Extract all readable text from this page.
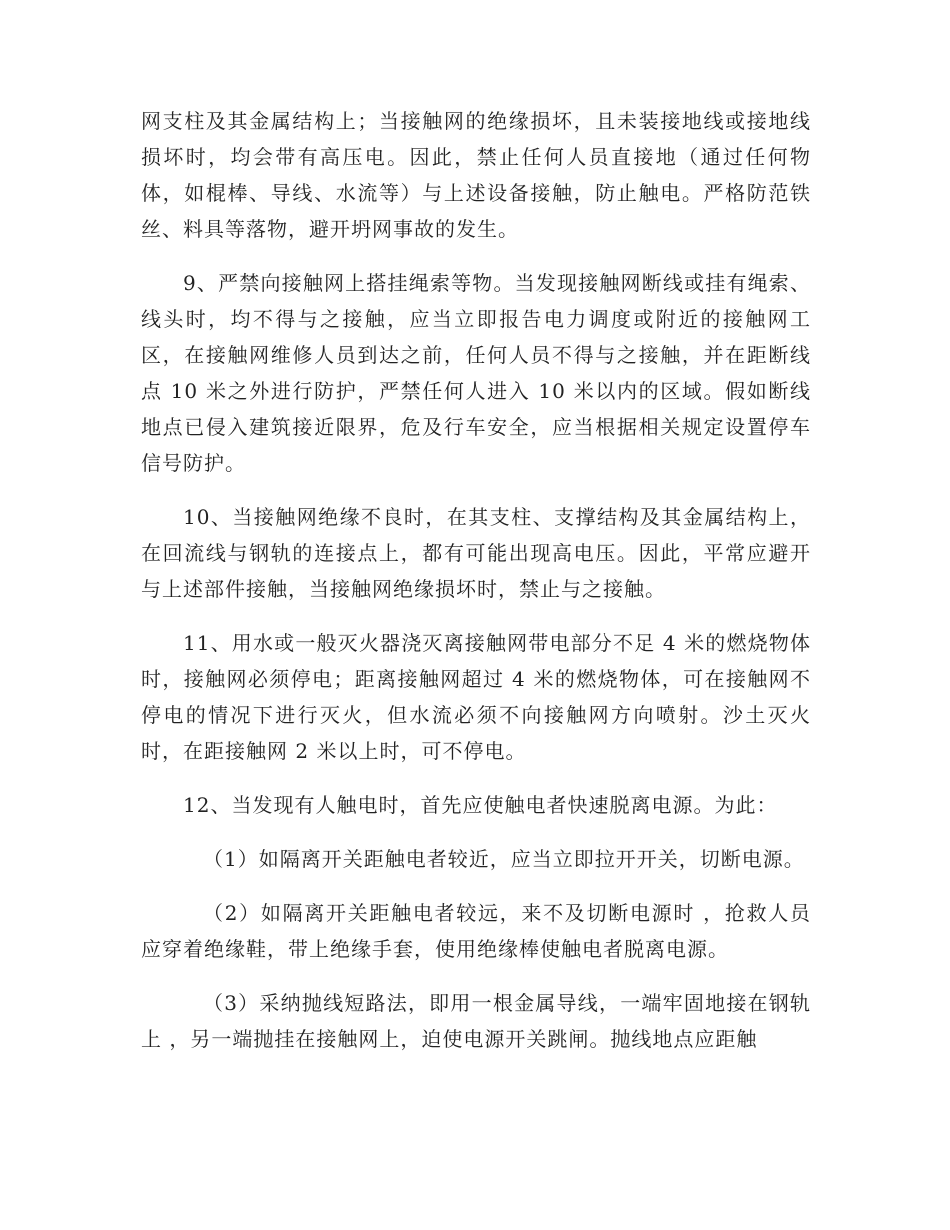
网支柱及其金属结构上；当接触网的绝缘损坏，且未装接地线或接地线损坏时，均会带有高压电。因此，禁止任何人员直接地（通过任何物体，如棍棒、导线、水流等）与上述设备接触，防止触电。严格防范铁丝、料具等落物，避开坍网事故的发生。

9、严禁向接触网上搭挂绳索等物。当发现接触网断线或挂有绳索、线头时，均不得与之接触，应当立即报告电力调度或附近的接触网工区，在接触网维修人员到达之前，任何人员不得与之接触，并在距断线点 10 米之外进行防护，严禁任何人进入 10 米以内的区域。假如断线地点已侵入建筑接近限界，危及行车安全，应当根据相关规定设置停车信号防护。

10、当接触网绝缘不良时，在其支柱、支撑结构及其金属结构上，在回流线与钢轨的连接点上，都有可能出现高电压。因此，平常应避开与上述部件接触，当接触网绝缘损坏时，禁止与之接触。

11、用水或一般灭火器浇灭离接触网带电部分不足 4 米的燃烧物体时，接触网必须停电；距离接触网超过 4 米的燃烧物体，可在接触网不停电的情况下进行灭火，但水流必须不向接触网方向喷射。沙土灭火时，在距接触网 2 米以上时，可不停电。

12、当发现有人触电时，首先应使触电者快速脱离电源。为此：

（1）如隔离开关距触电者较近，应当立即拉开开关，切断电源。

（2）如隔离开关距触电者较远，来不及切断电源时 ，抢救人员应穿着绝缘鞋，带上绝缘手套，使用绝缘棒使触电者脱离电源。

（3）采纳抛线短路法，即用一根金属导线，一端牢固地接在钢轨上 ，另一端抛挂在接触网上，迫使电源开关跳闸。抛线地点应距触
